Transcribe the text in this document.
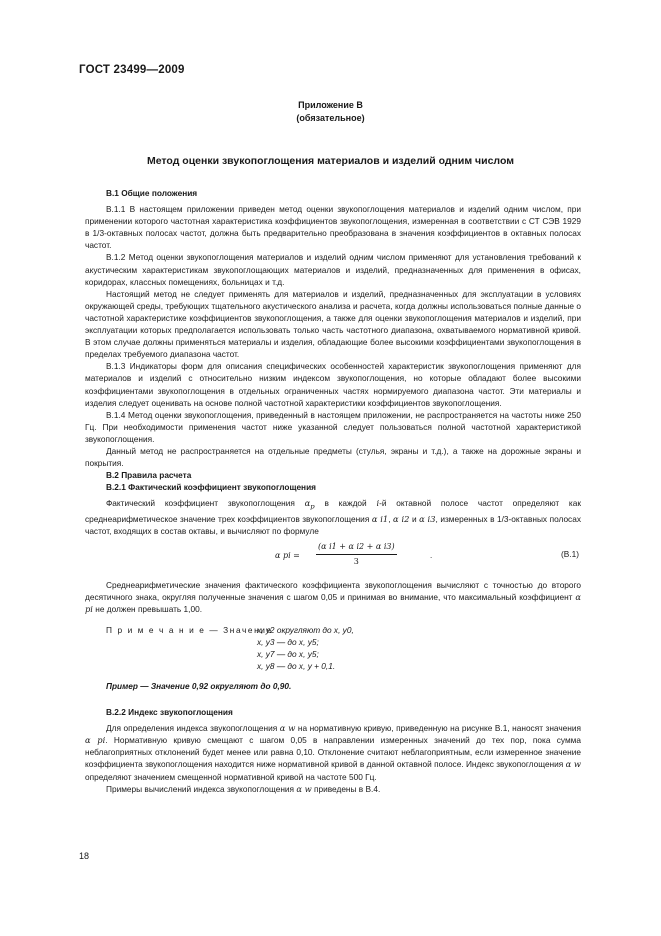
ГОСТ 23499—2009
Приложение В
(обязательное)
Метод оценки звукопоглощения материалов и изделий одним числом
В.1 Общие положения

В.1.1 В настоящем приложении приведен метод оценки звукопоглощения материалов и изделий одним числом, при применении которого частотная характеристика коэффициентов звукопоглощения, измеренная в соответствии с СТ СЭВ 1929 в 1/3-октавных полосах частот, должна быть предварительно преобразована в значения коэффициентов в октавных полосах частот.

В.1.2 Метод оценки звукопоглощения материалов и изделий одним числом применяют для установления требований к акустическим характеристикам звукопоглощающих материалов и изделий, предназначенных для применения в офисах, коридорах, классных помещениях, больницах и т.д.

Настоящий метод не следует применять для материалов и изделий, предназначенных для эксплуатации в условиях окружающей среды, требующих тщательного акустического анализа и расчета, когда должны использоваться полные данные о частотной характеристике коэффициентов звукопоглощения, а также для оценки звукопоглощения материалов и изделий, при эксплуатации которых предполагается использовать только часть частотного диапазона, охватываемого нормативной кривой. В этом случае должны применяться материалы и изделия, обладающие более высокими коэффициентами звукопоглощения в пределах требуемого диапазона частот.

В.1.3 Индикаторы форм для описания специфических особенностей характеристик звукопоглощения применяют для материалов и изделий с относительно низким индексом звукопоглощения, но которые обладают более высокими коэффициентами звукопоглощения в отдельных ограниченных частях нормируемого диапазона частот. Эти материалы и изделия следует оценивать на основе полной частотной характеристики коэффициентов звукопоглощения.

В.1.4 Метод оценки звукопоглощения, приведенный в настоящем приложении, не распространяется на частоты ниже 250 Гц. При необходимости применения частот ниже указанной следует пользоваться полной частотной характеристикой звукопоглощения.

Данный метод не распространяется на отдельные предметы (стулья, экраны и т.д.), а также на дорожные экраны и покрытия.

В.2 Правила расчета
В.2.1 Фактический коэффициент звукопоглощения

Фактический коэффициент звукопоглощения $\alpha_p$ в каждой i-й октавной полосе частот определяют как среднеарифметическое значение трех коэффициентов звукопоглощения α i1, α i2 и α i3, измеренных в 1/3-октавных полосах частот, входящих в состав октавы, и вычисляют по формуле

α pi = $\frac{\text{(α i1 + α i2 + α i3)}}{3}$	.	(В.1)

Среднеарифметические значения фактического коэффициента звукопоглощения вычисляют с точностью до второго десятичного знака, округляя полученные значения с шагом 0,05 и принимая во внимание, что максимальный коэффициент α pi не должен превышать 1,00.

П р и м е ч а н и е — Значение
х, у2 округляют до х, у0,
х, у3 — до х, у5;
х, у7 — до х, у5;
х, у8 — до х, у + 0,1.

Пример — Значение 0,92 округляют до 0,90.

В.2.2 Индекс звукопоглощения

Для определения индекса звукопоглощения α w на нормативную кривую, приведенную на рисунке В.1, наносят значения α pi. Нормативную кривую смещают с шагом 0,05 в направлении измеренных значений до тех пор, пока сумма неблагоприятных отклонений будет менее или равна 0,10. Отклонение считают неблагоприятным, если измеренное значение коэффициента звукопоглощения находится ниже нормативной кривой в данной октавной полосе. Индекс звукопоглощения α w определяют значением смещенной нормативной кривой на частоте 500 Гц.

Примеры вычислений индекса звукопоглощения α w приведены в В.4.

18
